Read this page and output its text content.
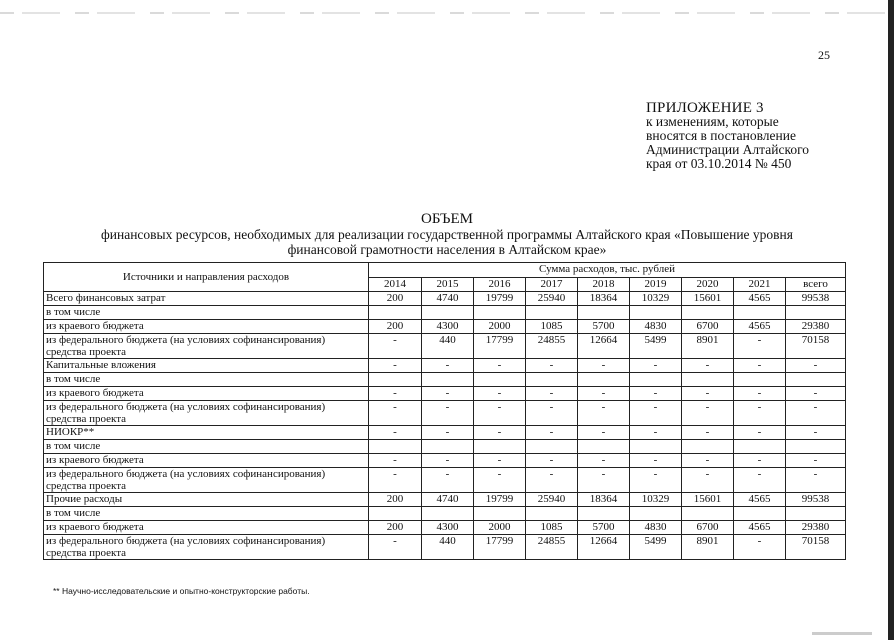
25
ПРИЛОЖЕНИЕ 3
к изменениям, которые
вносятся в постановление
Администрации Алтайского
края от 03.10.2014 № 450
ОБЪЕМ
финансовых ресурсов, необходимых для реализации государственной программы Алтайского края «Повышение уровня
финансовой грамотности населения в Алтайском крае»
Источники и направления расходов	Сумма расходов, тыс. рублей								
	2014	2015	2016	2017	2018	2019	2020	2021	всего
Всего финансовых затрат	200	4740	19799	25940	18364	10329	15601	4565	99538
в том числе									
из краевого бюджета	200	4300	2000	1085	5700	4830	6700	4565	29380
из федерального бюджета (на условиях софинансирования) средства проекта	-	440	17799	24855	12664	5499	8901	-	70158
Капитальные вложения	-	-	-	-	-	-	-	-	-
в том числе									
из краевого бюджета	-	-	-	-	-	-	-	-	-
из федерального бюджета (на условиях софинансирования) средства проекта	-	-	-	-	-	-	-	-	-
НИОКР**	-	-	-	-	-	-	-	-	-
в том числе									
из краевого бюджета	-	-	-	-	-	-	-	-	-
из федерального бюджета (на условиях софинансирования) средства проекта	-	-	-	-	-	-	-	-	-
Прочие расходы	200	4740	19799	25940	18364	10329	15601	4565	99538
в том числе									
из краевого бюджета	200	4300	2000	1085	5700	4830	6700	4565	29380
из федерального бюджета (на условиях софинансирования) средства проекта	-	440	17799	24855	12664	5499	8901	-	70158
** Научно-исследовательские и опытно-конструкторские работы.
